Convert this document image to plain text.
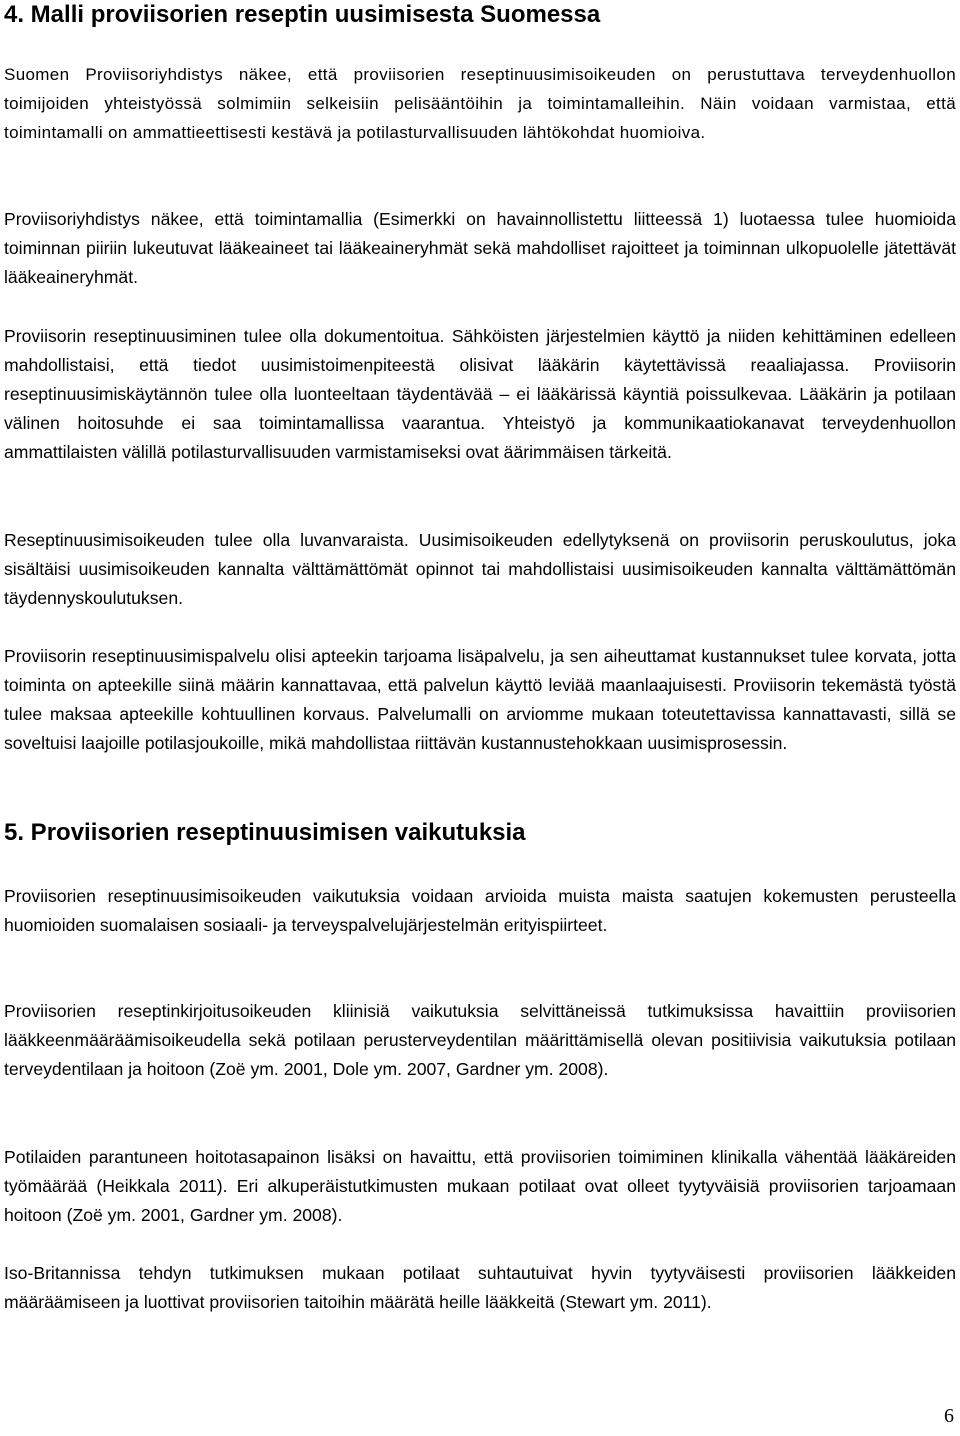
4. Malli proviisorien reseptin uusimisesta Suomessa

Suomen Proviisoriyhdistys näkee, että proviisorien reseptinuusimisoikeuden on perustuttava terveydenhuollon toimijoiden yhteistyössä solmimiin selkeisiin pelisääntöihin ja toimintamalleihin. Näin voidaan varmistaa, että toimintamalli on ammattieettisesti kestävä ja potilasturvallisuuden lähtökohdat huomioiva.

Proviisoriyhdistys näkee, että toimintamallia (Esimerkki on havainnollistettu liitteessä 1) luotaessa tulee huomioida toiminnan piiriin lukeutuvat lääkeaineet tai lääkeaineryhmät sekä mahdolliset rajoitteet ja toiminnan ulkopuolelle jätettävät lääkeaineryhmät.

Proviisorin reseptinuusiminen tulee olla dokumentoitua. Sähköisten järjestelmien käyttö ja niiden kehittäminen edelleen mahdollistaisi, että tiedot uusimistoimenpiteestä olisivat lääkärin käytettävissä reaaliajassa. Proviisorin reseptinuusimiskäytännön tulee olla luonteeltaan täydentävää – ei lääkärissä käyntiä poissulkevaa. Lääkärin ja potilaan välinen hoitosuhde ei saa toimintamallissa vaarantua. Yhteistyö ja kommunikaatiokanavat terveydenhuollon ammattilaisten välillä potilasturvallisuuden varmistamiseksi ovat äärimmäisen tärkeitä.

Reseptinuusimisoikeuden tulee olla luvanvaraista. Uusimisoikeuden edellytyksenä on proviisorin peruskoulutus, joka sisältäisi uusimisoikeuden kannalta välttämättömät opinnot tai mahdollistaisi uusimisoikeuden kannalta välttämättömän täydennyskoulutuksen.

Proviisorin reseptinuusimispalvelu olisi apteekin tarjoama lisäpalvelu, ja sen aiheuttamat kustannukset tulee korvata, jotta toiminta on apteekille siinä määrin kannattavaa, että palvelun käyttö leviää maanlaajuisesti. Proviisorin tekemästä työstä tulee maksaa apteekille kohtuullinen korvaus. Palvelumalli on arviomme mukaan toteutettavissa kannattavasti, sillä se soveltuisi laajoille potilasjoukoille, mikä mahdollistaa riittävän kustannustehokkaan uusimisprosessin.

5. Proviisorien reseptinuusimisen vaikutuksia

Proviisorien reseptinuusimisoikeuden vaikutuksia voidaan arvioida muista maista saatujen kokemusten perusteella huomioiden suomalaisen sosiaali- ja terveyspalvelujärjestelmän erityispiirteet.

Proviisorien reseptinkirjoitusoikeuden kliinisiä vaikutuksia selvittäneissä tutkimuksissa havaittiin proviisorien lääkkeenmääräämisoikeudella sekä potilaan perusterveydentilan määrittämisellä olevan positiivisia vaikutuksia potilaan terveydentilaan ja hoitoon (Zoë ym. 2001, Dole ym. 2007, Gardner ym. 2008).

Potilaiden parantuneen hoitotasapainon lisäksi on havaittu, että proviisorien toimiminen klinikalla vähentää lääkäreiden työmäärää (Heikkala 2011). Eri alkuperäistutkimusten mukaan potilaat ovat olleet tyytyväisiä proviisorien tarjoamaan hoitoon (Zoë ym. 2001, Gardner ym. 2008).

Iso-Britannissa tehdyn tutkimuksen mukaan potilaat suhtautuivat hyvin tyytyväisesti proviisorien lääkkeiden määräämiseen ja luottivat proviisorien taitoihin määrätä heille lääkkeitä (Stewart ym. 2011).

6
